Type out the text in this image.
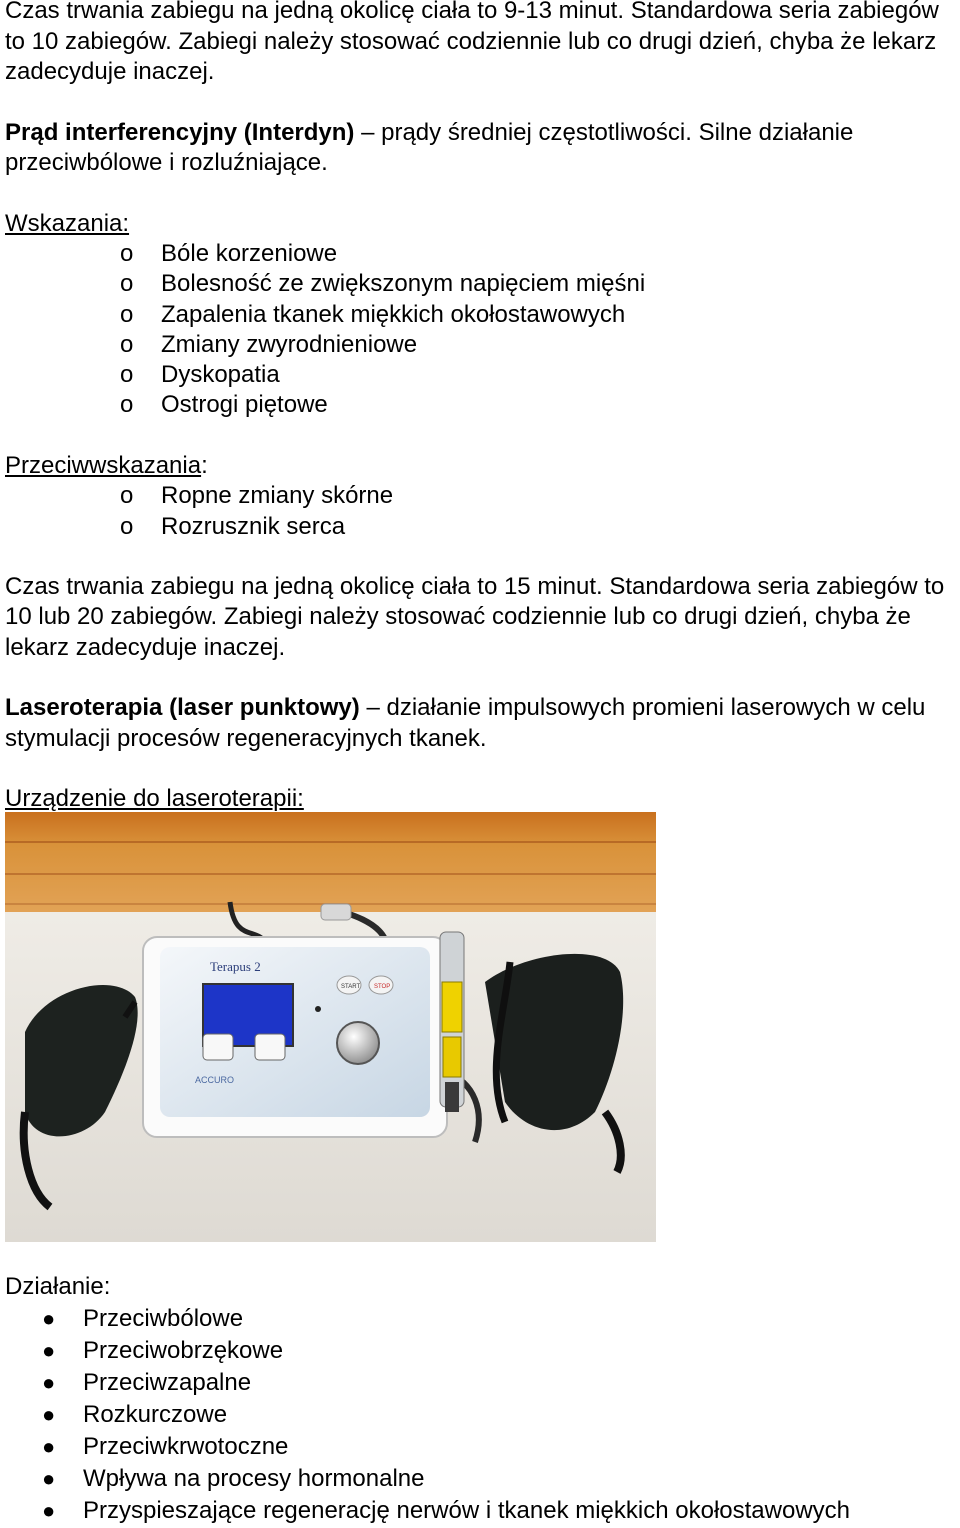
Czas trwania zabiegu na jedną okolicę ciała to 9-13 minut. Standardowa seria zabiegów to 10 zabiegów. Zabiegi należy stosować codziennie lub co drugi dzień, chyba że lekarz zadecyduje inaczej.

Prąd interferencyjny (Interdyn) – prądy średniej częstotliwości. Silne działanie przeciwbólowe i rozluźniające.

Wskazania:

o Bóle korzeniowe
o Bolesność ze zwiększonym napięciem mięśni
o Zapalenia tkanek miękkich okołostawowych
o Zmiany zwyrodnieniowe
o Dyskopatia
o Ostrogi piętowe

Przeciwwskazania:

o Ropne zmiany skórne
o Rozrusznik serca

Czas trwania zabiegu na jedną okolicę ciała to 15 minut. Standardowa seria zabiegów to 10 lub 20 zabiegów. Zabiegi należy stosować codziennie lub co drugi dzień, chyba że lekarz zadecyduje inaczej.

Laseroterapia (laser punktowy) – działanie impulsowych promieni laserowych w celu stymulacji procesów regeneracyjnych tkanek.

Urządzenie do laseroterapii:

Terapus 2
START STOP
ACCURO

Działanie:

● Przeciwbólowe
● Przeciwobrzękowe
● Przeciwzapalne
● Rozkurczowe
● Przeciwkrwotoczne
● Wpływa na procesy hormonalne
● Przyspieszające regenerację nerwów i tkanek miękkich okołostawowych
